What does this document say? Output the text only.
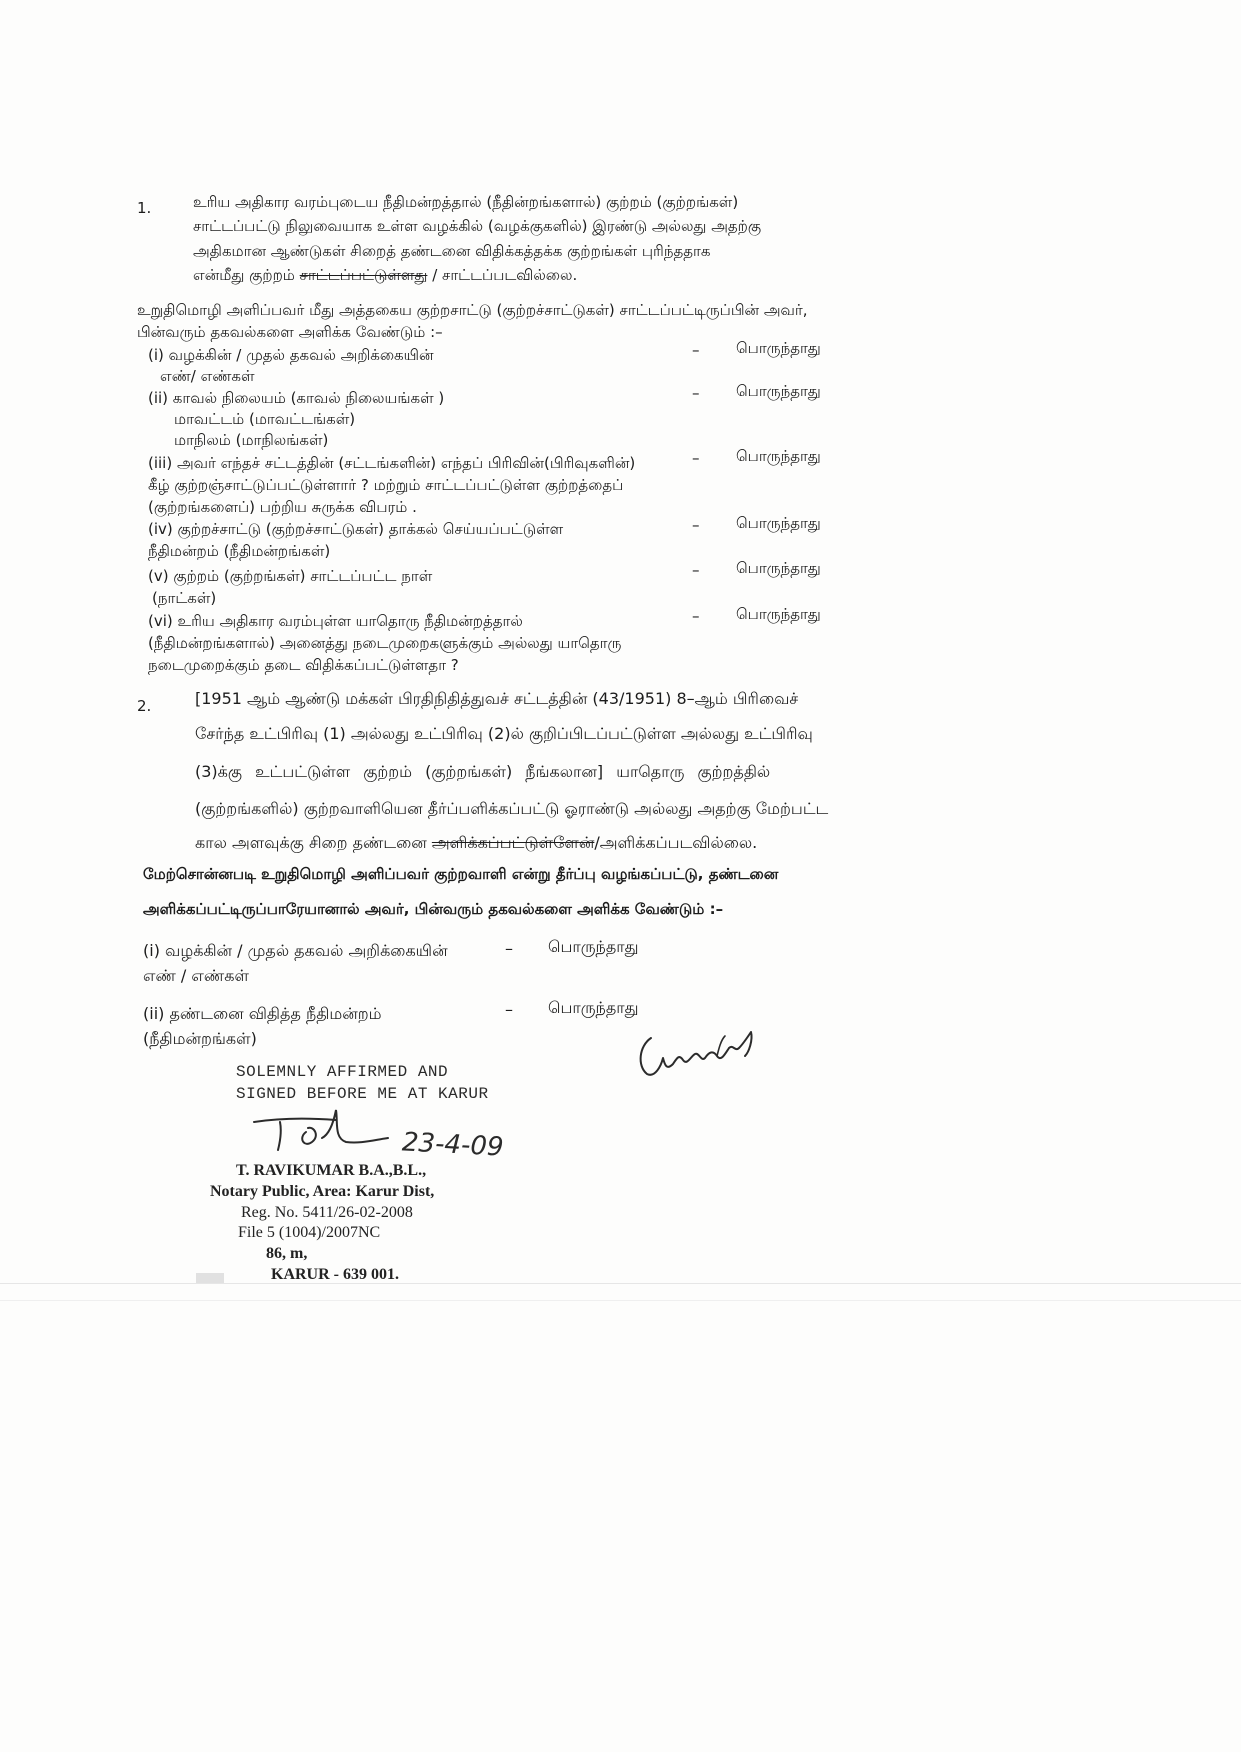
1.	உரிய அதிகார வரம்புடைய நீதிமன்றத்தால் (நீதின்றங்களால்) குற்றம் (குற்றங்கள்)
சாட்டப்பட்டு நிலுவையாக உள்ள வழக்கில் (வழக்குகளில்) இரண்டு அல்லது அதற்கு
அதிகமான ஆண்டுகள் சிறைத் தண்டனை விதிக்கத்தக்க குற்றங்கள் புரிந்ததாக
என்மீது குற்றம் சாட்டப்பட்டுள்ளது / சாட்டப்படவில்லை.
உறுதிமொழி அளிப்பவர் மீது அத்தகைய குற்றசாட்டு (குற்றச்சாட்டுகள்) சாட்டப்பட்டிருப்பின் அவர்,
பின்வரும் தகவல்களை அளிக்க வேண்டும் :–
(i) வழக்கின் / முதல் தகவல் அறிக்கையின்
எண்/ எண்கள்
– பொருந்தாது
(ii) காவல் நிலையம் (காவல் நிலையங்கள் )
மாவட்டம் (மாவட்டங்கள்)
மாநிலம் (மாநிலங்கள்)
– பொருந்தாது
(iii) அவர் எந்தச் சட்டத்தின் (சட்டங்களின்) எந்தப் பிரிவின்(பிரிவுகளின்)
கீழ் குற்றஞ்சாட்டுப்பட்டுள்ளார் ? மற்றும் சாட்டப்பட்டுள்ள குற்றத்தைப்
(குற்றங்களைப்) பற்றிய சுருக்க விபரம் .
– பொருந்தாது
(iv) குற்றச்சாட்டு (குற்றச்சாட்டுகள்) தாக்கல் செய்யப்பட்டுள்ள
நீதிமன்றம் (நீதிமன்றங்கள்)
– பொருந்தாது
(v) குற்றம் (குற்றங்கள்) சாட்டப்பட்ட நாள்
(நாட்கள்)
– பொருந்தாது
(vi) உரிய அதிகார வரம்புள்ள யாதொரு நீதிமன்றத்தால்
(நீதிமன்றங்களால்) அனைத்து நடைமுறைகளுக்கும் அல்லது யாதொரு
நடைமுறைக்கும் தடை விதிக்கப்பட்டுள்ளதா ?
– பொருந்தாது
2.	[1951 ஆம் ஆண்டு மக்கள் பிரதிநிதித்துவச் சட்டத்தின் (43/1951) 8–ஆம் பிரிவைச்
சேர்ந்த உட்பிரிவு (1) அல்லது உட்பிரிவு (2)ல் குறிப்பிடப்பட்டுள்ள அல்லது உட்பிரிவு
(3)க்கு உட்பட்டுள்ள குற்றம் (குற்றங்கள்) நீங்கலான] யாதொரு குற்றத்தில்
(குற்றங்களில்) குற்றவாளியென தீர்ப்பளிக்கப்பட்டு ஓராண்டு அல்லது அதற்கு மேற்பட்ட
கால அளவுக்கு சிறை தண்டனை அளிக்கப்பட்டுள்ளேன்/அளிக்கப்படவில்லை.
மேற்சொன்னபடி உறுதிமொழி அளிப்பவர் குற்றவாளி என்று தீர்ப்பு வழங்கப்பட்டு, தண்டனை
அளிக்கப்பட்டிருப்பாரேயானால் அவர், பின்வரும் தகவல்களை அளிக்க வேண்டும் :–
(i) வழக்கின் / முதல் தகவல் அறிக்கையின்
எண் / எண்கள்
– பொருந்தாது
(ii) தண்டனை விதித்த நீதிமன்றம்
(நீதிமன்றங்கள்)
– பொருந்தாது
SOLEMNLY AFFIRMED AND
SIGNED BEFORE ME AT KARUR
23-4-09
T. RAVIKUMAR B.A.,B.L.,
Notary Public, Area: Karur Dist,
Reg. No. 5411/26-02-2008
File 5 (1004)/2007NC
86, m,
KARUR - 639 001.
